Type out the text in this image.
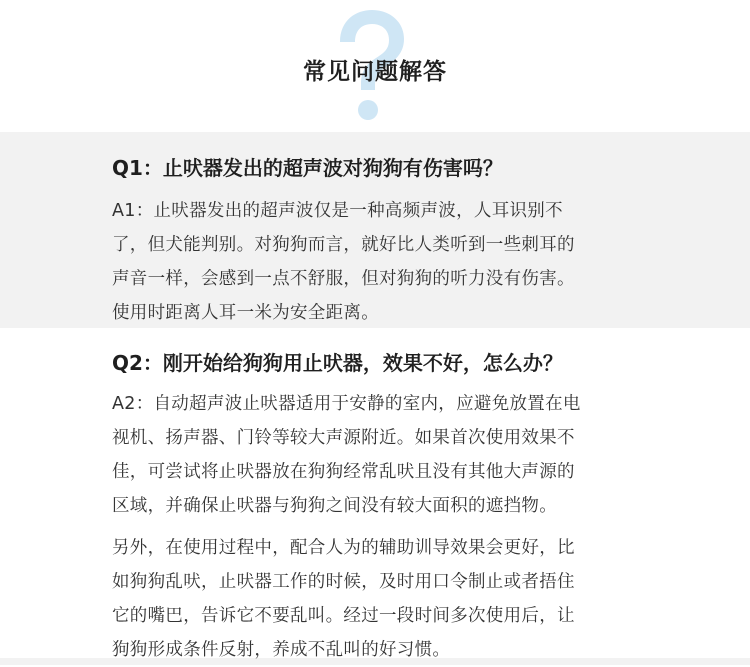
常见问题解答
Q1：止吠器发出的超声波对狗狗有伤害吗？
A1：止吠器发出的超声波仅是一种高频声波，人耳识别不
了，但犬能判别。对狗狗而言，就好比人类听到一些刺耳的
声音一样，会感到一点不舒服，但对狗狗的听力没有伤害。
使用时距离人耳一米为安全距离。
Q2：刚开始给狗狗用止吠器，效果不好，怎么办？
A2：自动超声波止吠器适用于安静的室内，应避免放置在电
视机、扬声器、门铃等较大声源附近。如果首次使用效果不
佳，可尝试将止吠器放在狗狗经常乱吠且没有其他大声源的
区域，并确保止吠器与狗狗之间没有较大面积的遮挡物。
另外，在使用过程中，配合人为的辅助训导效果会更好，比
如狗狗乱吠，止吠器工作的时候，及时用口令制止或者捂住
它的嘴巴，告诉它不要乱叫。经过一段时间多次使用后，让
狗狗形成条件反射，养成不乱叫的好习惯。
